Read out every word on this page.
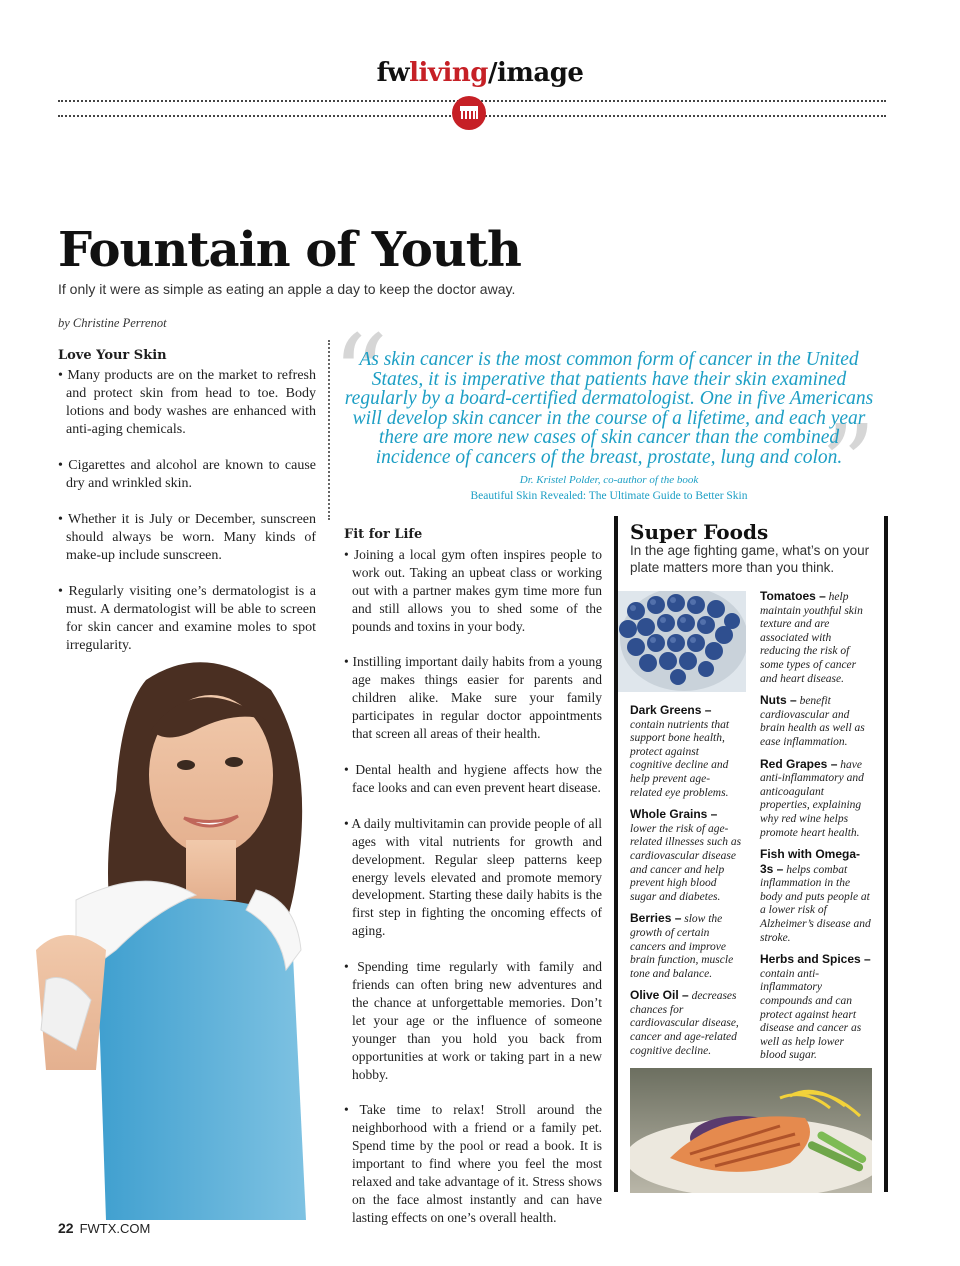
fwliving/image
Fountain of Youth
If only it were as simple as eating an apple a day to keep the doctor away.
by Christine Perrenot
Love Your Skin

• Many products are on the market to refresh and protect skin from head to toe. Body lotions and body washes are enhanced with anti-aging chemicals.

• Cigarettes and alcohol are known to cause dry and wrinkled skin.

• Whether it is July or December, sunscreen should always be worn. Many kinds of make-up include sunscreen.

• Regularly visiting one’s dermatologist is a must. A dermatologist will be able to screen for skin cancer and examine moles to spot irregularity.

“
”
As skin cancer is the most common form of cancer in the United States, it is imperative that patients have their skin examined regularly by a board-certified dermatologist. One in five Americans will develop skin cancer in the course of a lifetime, and each year there are more new cases of skin cancer than the combined incidence of cancers of the breast, prostate, lung and colon.
Dr. Kristel Polder, co-author of the book
Beautiful Skin Revealed: The Ultimate Guide to Better Skin
Fit for Life

• Joining a local gym often inspires people to work out. Taking an upbeat class or working out with a partner makes gym time more fun and still allows you to shed some of the pounds and toxins in your body.

• Instilling important daily habits from a young age makes things easier for parents and children alike. Make sure your family participates in regular doctor appointments that screen all areas of their health.

• Dental health and hygiene affects how the face looks and can even prevent heart disease.

• A daily multivitamin can provide people of all ages with vital nutrients for growth and development. Regular sleep patterns keep energy levels elevated and promote memory development. Starting these daily habits is the first step in fighting the oncoming effects of aging.

• Spending time regularly with family and friends can often bring new adventures and the chance at unforgettable memories. Don’t let your age or the influence of someone younger than you hold you back from opportunities at work or taking part in a new hobby.

• Take time to relax! Stroll around the neighborhood with a friend or a family pet. Spend time by the pool or read a book. It is important to find where you feel the most relaxed and take advantage of it. Stress shows on the face almost instantly and can have lasting effects on one’s overall health.

Super Foods
In the age fighting game, what’s on your plate matters more than you think.

Dark Greens – contain nutrients that support bone health, protect against cognitive decline and help prevent age-related eye problems.

Whole Grains – lower the risk of age-related illnesses such as cardiovascular disease and cancer and help prevent high blood sugar and diabetes.

Berries – slow the growth of certain cancers and improve brain function, muscle tone and balance.

Olive Oil – decreases chances for cardiovascular disease, cancer and age-related cognitive decline.

Tomatoes – help maintain youthful skin texture and are associated with reducing the risk of some types of cancer and heart disease.

Nuts – benefit cardiovascular and brain health as well as ease inflammation.

Red Grapes – have anti-inflammatory and anticoagulant properties, explaining why red wine helps promote heart health.

Fish with Omega-3s – helps combat inflammation in the body and puts people at a lower risk of Alzheimer’s disease and stroke.

Herbs and Spices – contain anti-inflammatory compounds and can protect against heart disease and cancer as well as help lower blood sugar.

22 FWTX.COM
